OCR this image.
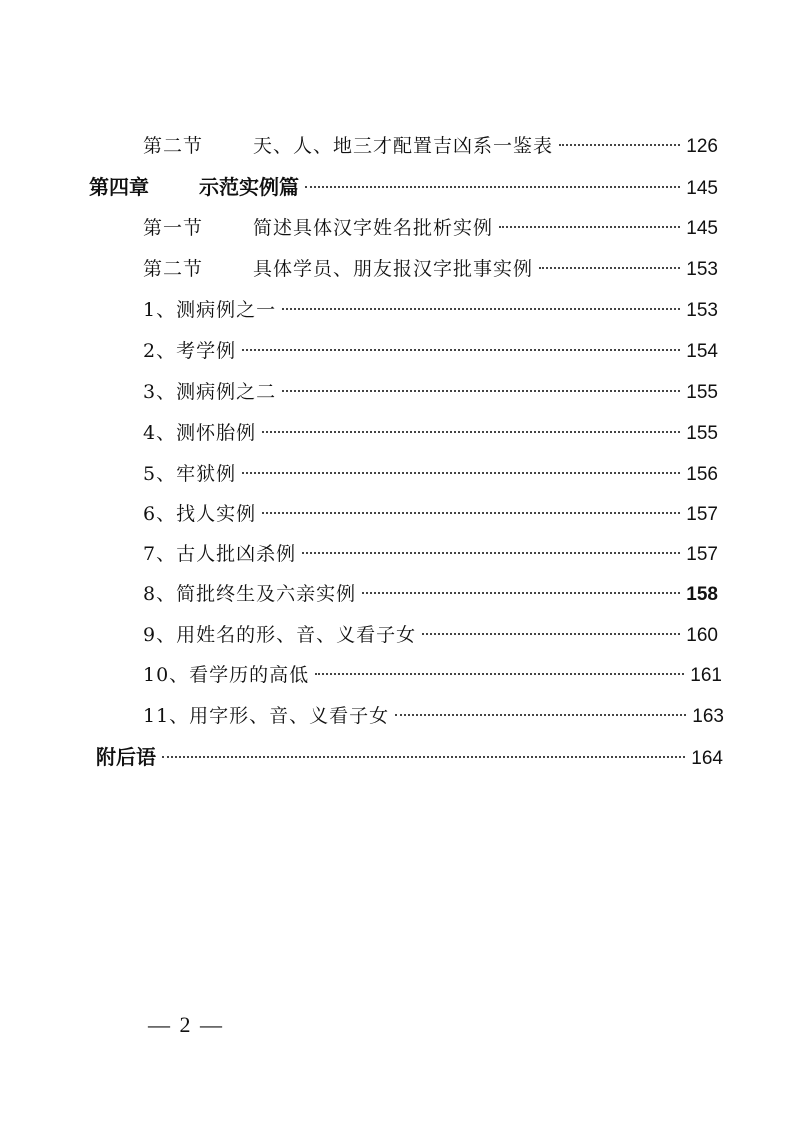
第二节	天、人、地三才配置吉凶系一鉴表	126
第四章	示范实例篇	145
第一节	简述具体汉字姓名批析实例	145
第二节	具体学员、朋友报汉字批事实例	153
1、测病例之一	153
2、考学例	154
3、测病例之二	155
4、测怀胎例	155
5、牢狱例	156
6、找人实例	157
7、古人批凶杀例	157
8、简批终生及六亲实例	158
9、用姓名的形、音、义看子女	160
10、看学历的高低	161
11、用字形、音、义看子女	163
附后语	164
— 2 —
